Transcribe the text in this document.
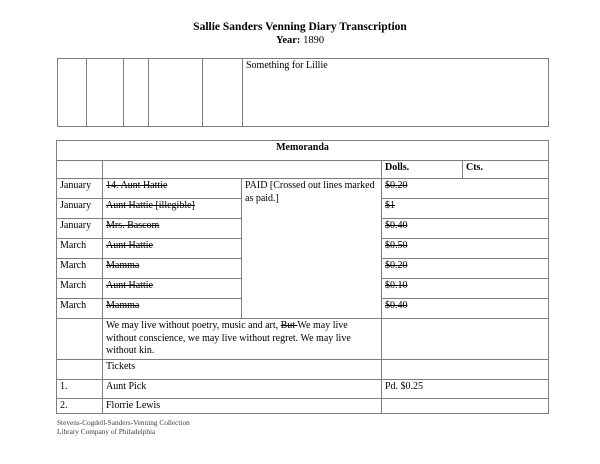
Sallie Sanders Venning Diary Transcription
Year: 1890
					Something for Lillie
Memoranda				
			Dolls.	Cts.
January	14. Aunt Hattie	PAID [Crossed out lines marked as paid.]	$0.20	
January	Aunt Hattie [illegible]		$1	
January	Mrs. Bascom		$0.40	
March	Aunt Hattie		$0.50	
March	Mamma		$0.20	
March	Aunt Hattie		$0.10	
March	Mamma		$0.40	
	We may live without poetry, music and art, But We may live without conscience, we may live without regret. We may live without kin.			
	Tickets			
1.	Aunt Pick		Pd. $0.25	
2.	Florrie Lewis			
Stevens-Cogdell-Sanders-Venning Collection
Library Company of Philadelphia
